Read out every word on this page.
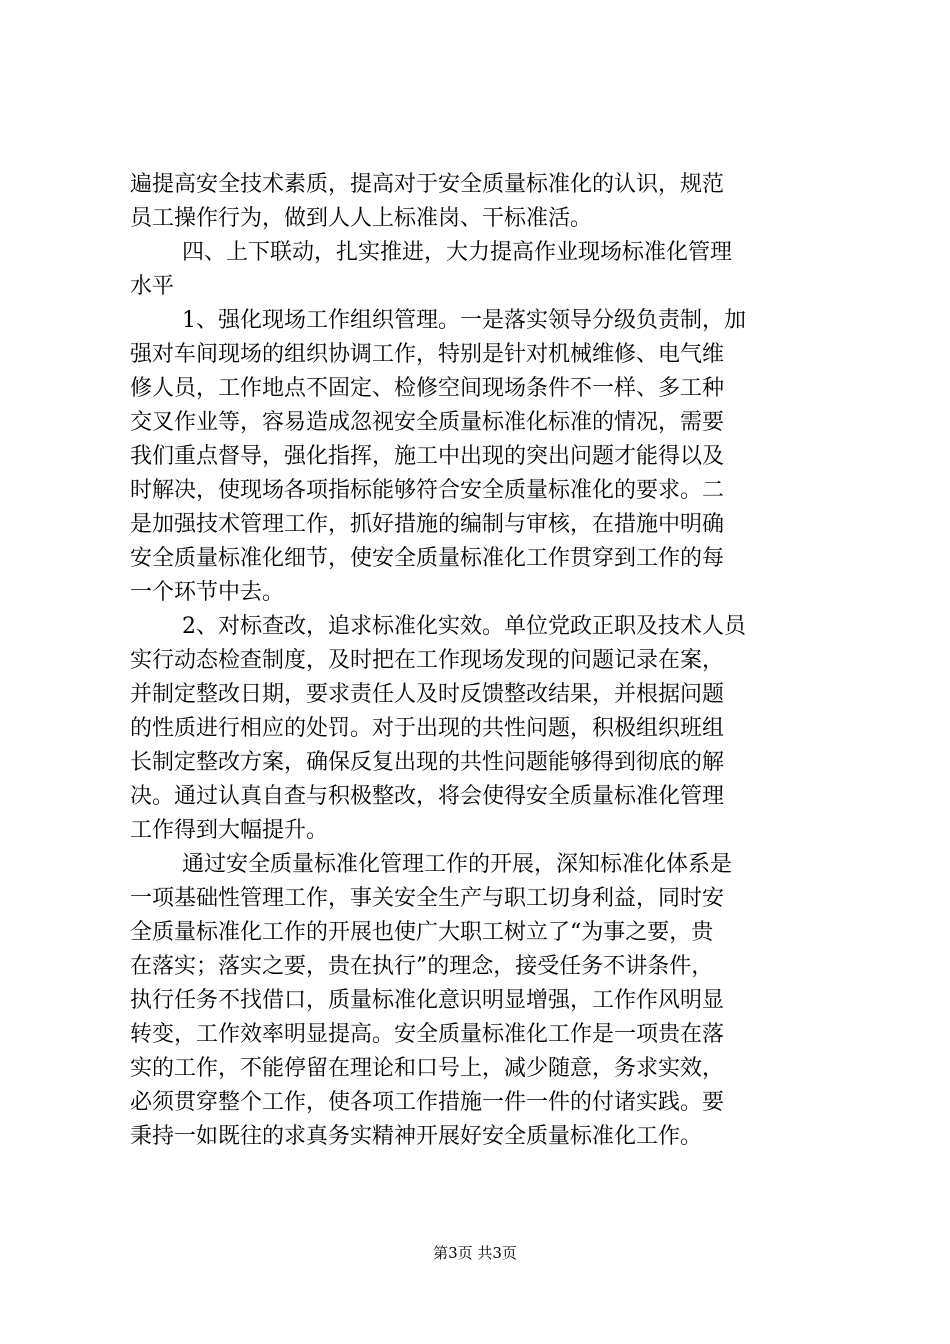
遍提高安全技术素质，提高对于安全质量标准化的认识，规范
员工操作行为，做到人人上标准岗、干标准活。
四、上下联动，扎实推进，大力提高作业现场标准化管理
水平
1、强化现场工作组织管理。一是落实领导分级负责制，加
强对车间现场的组织协调工作，特别是针对机械维修、电气维
修人员，工作地点不固定、检修空间现场条件不一样、多工种
交叉作业等，容易造成忽视安全质量标准化标准的情况，需要
我们重点督导，强化指挥，施工中出现的突出问题才能得以及
时解决，使现场各项指标能够符合安全质量标准化的要求。二
是加强技术管理工作，抓好措施的编制与审核，在措施中明确
安全质量标准化细节，使安全质量标准化工作贯穿到工作的每
一个环节中去。
2、对标查改，追求标准化实效。单位党政正职及技术人员
实行动态检查制度，及时把在工作现场发现的问题记录在案，
并制定整改日期，要求责任人及时反馈整改结果，并根据问题
的性质进行相应的处罚。对于出现的共性问题，积极组织班组
长制定整改方案，确保反复出现的共性问题能够得到彻底的解
决。通过认真自查与积极整改，将会使得安全质量标准化管理
工作得到大幅提升。
通过安全质量标准化管理工作的开展，深知标准化体系是
一项基础性管理工作，事关安全生产与职工切身利益，同时安
全质量标准化工作的开展也使广大职工树立了“为事之要，贵
在落实；落实之要，贵在执行”的理念，接受任务不讲条件，
执行任务不找借口，质量标准化意识明显增强，工作作风明显
转变，工作效率明显提高。安全质量标准化工作是一项贵在落
实的工作，不能停留在理论和口号上，减少随意，务求实效，
必须贯穿整个工作，使各项工作措施一件一件的付诸实践。要
秉持一如既往的求真务实精神开展好安全质量标准化工作。
第3页 共3页
